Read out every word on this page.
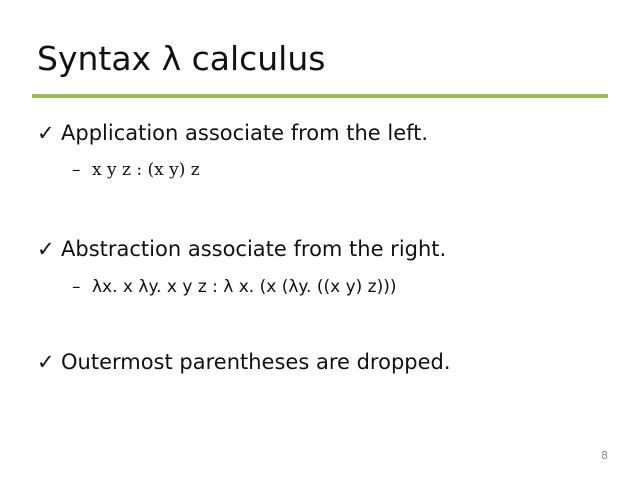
Syntax λ calculus
✓ Application associate from the left.
– x y z : (x y) z
✓ Abstraction associate from the right.
– λx. x λy. x y z : λ x. (x (λy. ((x y) z)))
✓ Outermost parentheses are dropped.
8
